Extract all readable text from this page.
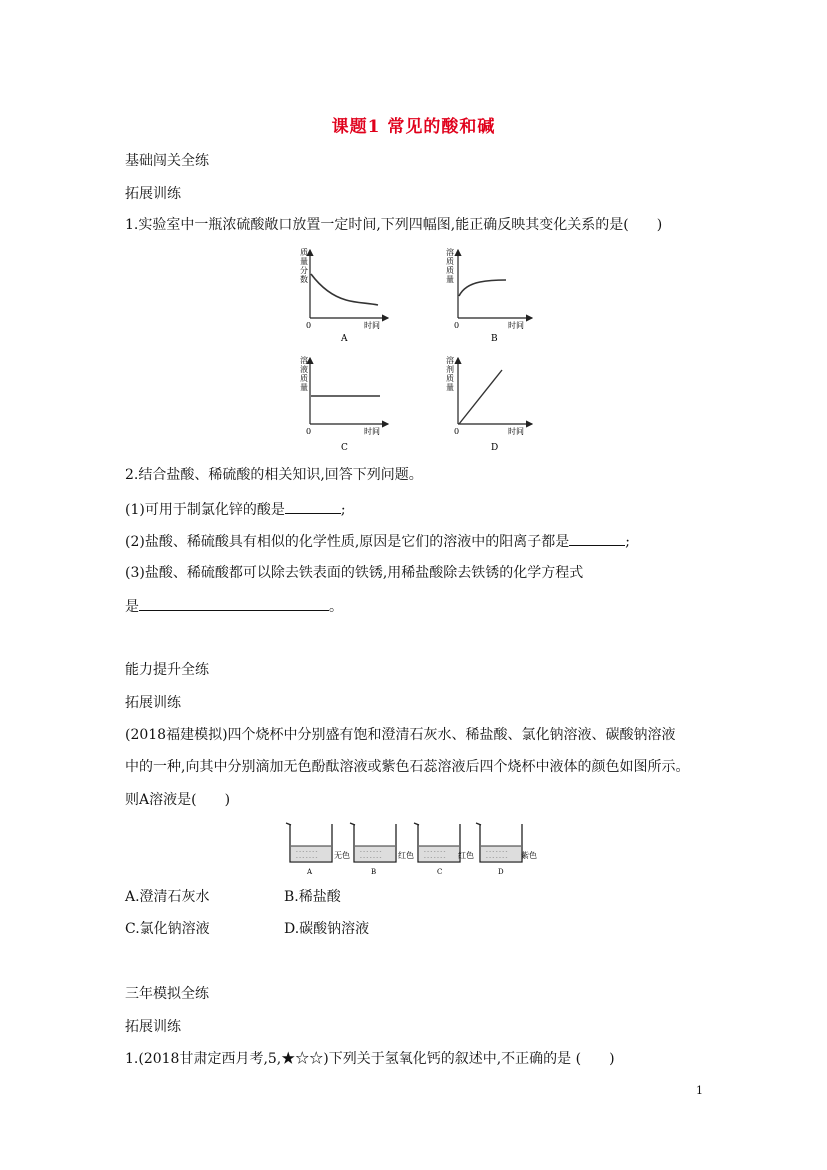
课题1 常见的酸和碱
基础闯关全练
拓展训练
1.实验室中一瓶浓硫酸敞口放置一定时间,下列四幅图,能正确反映其变化关系的是(　　)
质
量
分
数
0	时间
A
溶
质
质
量
0	时间
B
溶
液
质
量
0	时间
C
溶
剂
质
量
0	时间
D
2.结合盐酸、稀硫酸的相关知识,回答下列问题。
(1)可用于制氯化锌的酸是	;
(2)盐酸、稀硫酸具有相似的化学性质,原因是它们的溶液中的阳离子都是	;
(3)盐酸、稀硫酸都可以除去铁表面的铁锈,用稀盐酸除去铁锈的化学方程式
是	。
能力提升全练
拓展训练
(2018福建模拟)四个烧杯中分别盛有饱和澄清石灰水、稀盐酸、氯化钠溶液、碳酸钠溶液
中的一种,向其中分别滴加无色酚酞溶液或紫色石蕊溶液后四个烧杯中液体的颜色如图所示。
则A溶液是(　　)
- - - - - - -
- - - - - - - 无色
A
- - - - - - -
- - - - - - - 红色
B
- - - - - - -
- - - - - - - 红色
C
- - - - - - -
- - - - - - - 紫色
D
A.澄清石灰水	B.稀盐酸
C.氯化钠溶液	D.碳酸钠溶液
三年模拟全练
拓展训练
1.(2018甘肃定西月考,5,★☆☆)下列关于氢氧化钙的叙述中,不正确的是 (　　)
1
